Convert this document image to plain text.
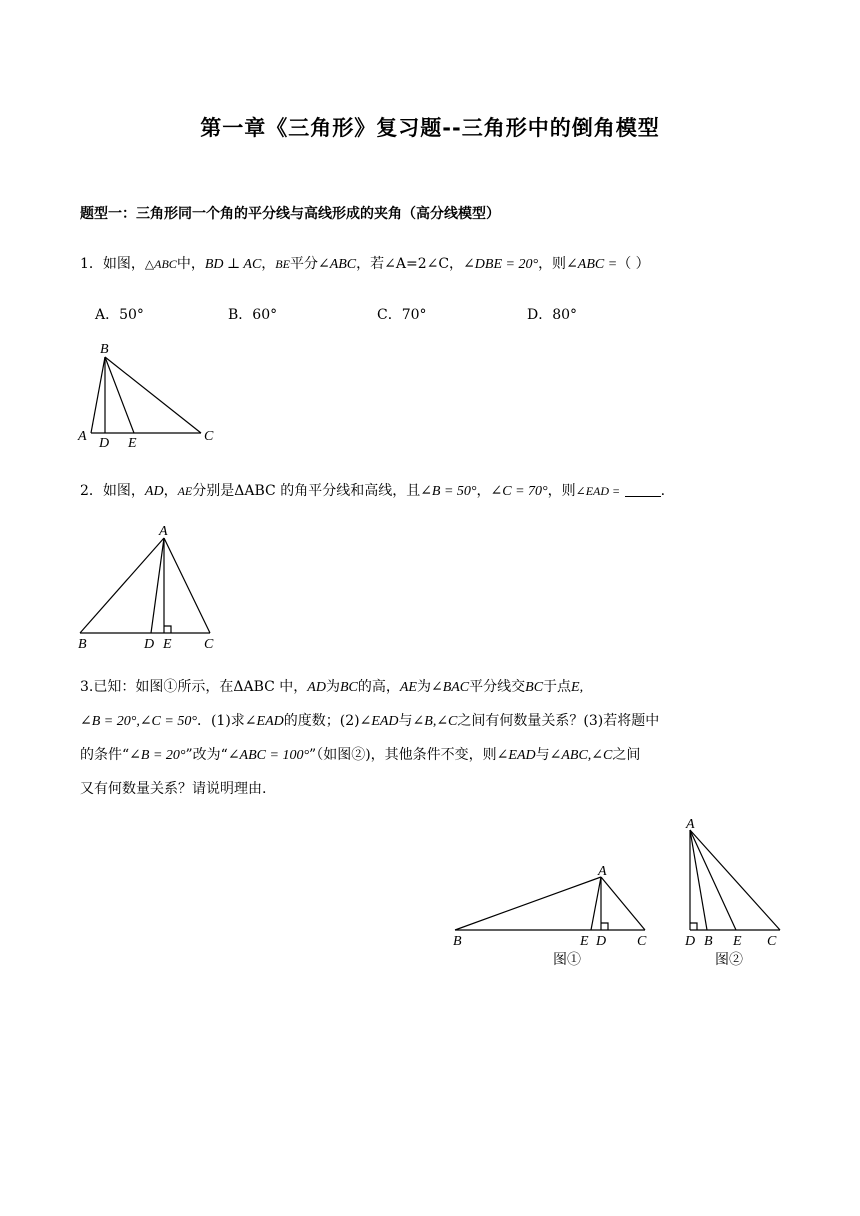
第一章《三角形》复习题--三角形中的倒角模型
题型一：三角形同一个角的平分线与高线形成的夹角（高分线模型）
1．如图，△ABC中，BD ⊥ AC，BE平分∠ABC，若∠A=2∠C，∠DBE = 20°，则∠ABC =（ ）
A．50°	B．60°	C．70°	D．80°
B
A D E	C
2．如图，AD，AE分别是ΔABC 的角平分线和高线，且∠B = 50°，∠C = 70°，则∠EAD =	.
A
B	D E C
3.已知：如图①所示，在ΔABC 中，AD为BC的高，AE为∠BAC平分线交BC于点E,
∠B = 20°,∠C = 50°．(1)求∠EAD的度数；(2)∠EAD与∠B,∠C之间有何数量关系？(3)若将题中
的条件“∠B = 20°”改为“∠ABC = 100°”（如图②)，其他条件不变，则∠EAD与∠ABC,∠C之间
又有何数量关系？请说明理由.
A
B	E D C
图①
A
D B E C
图②
